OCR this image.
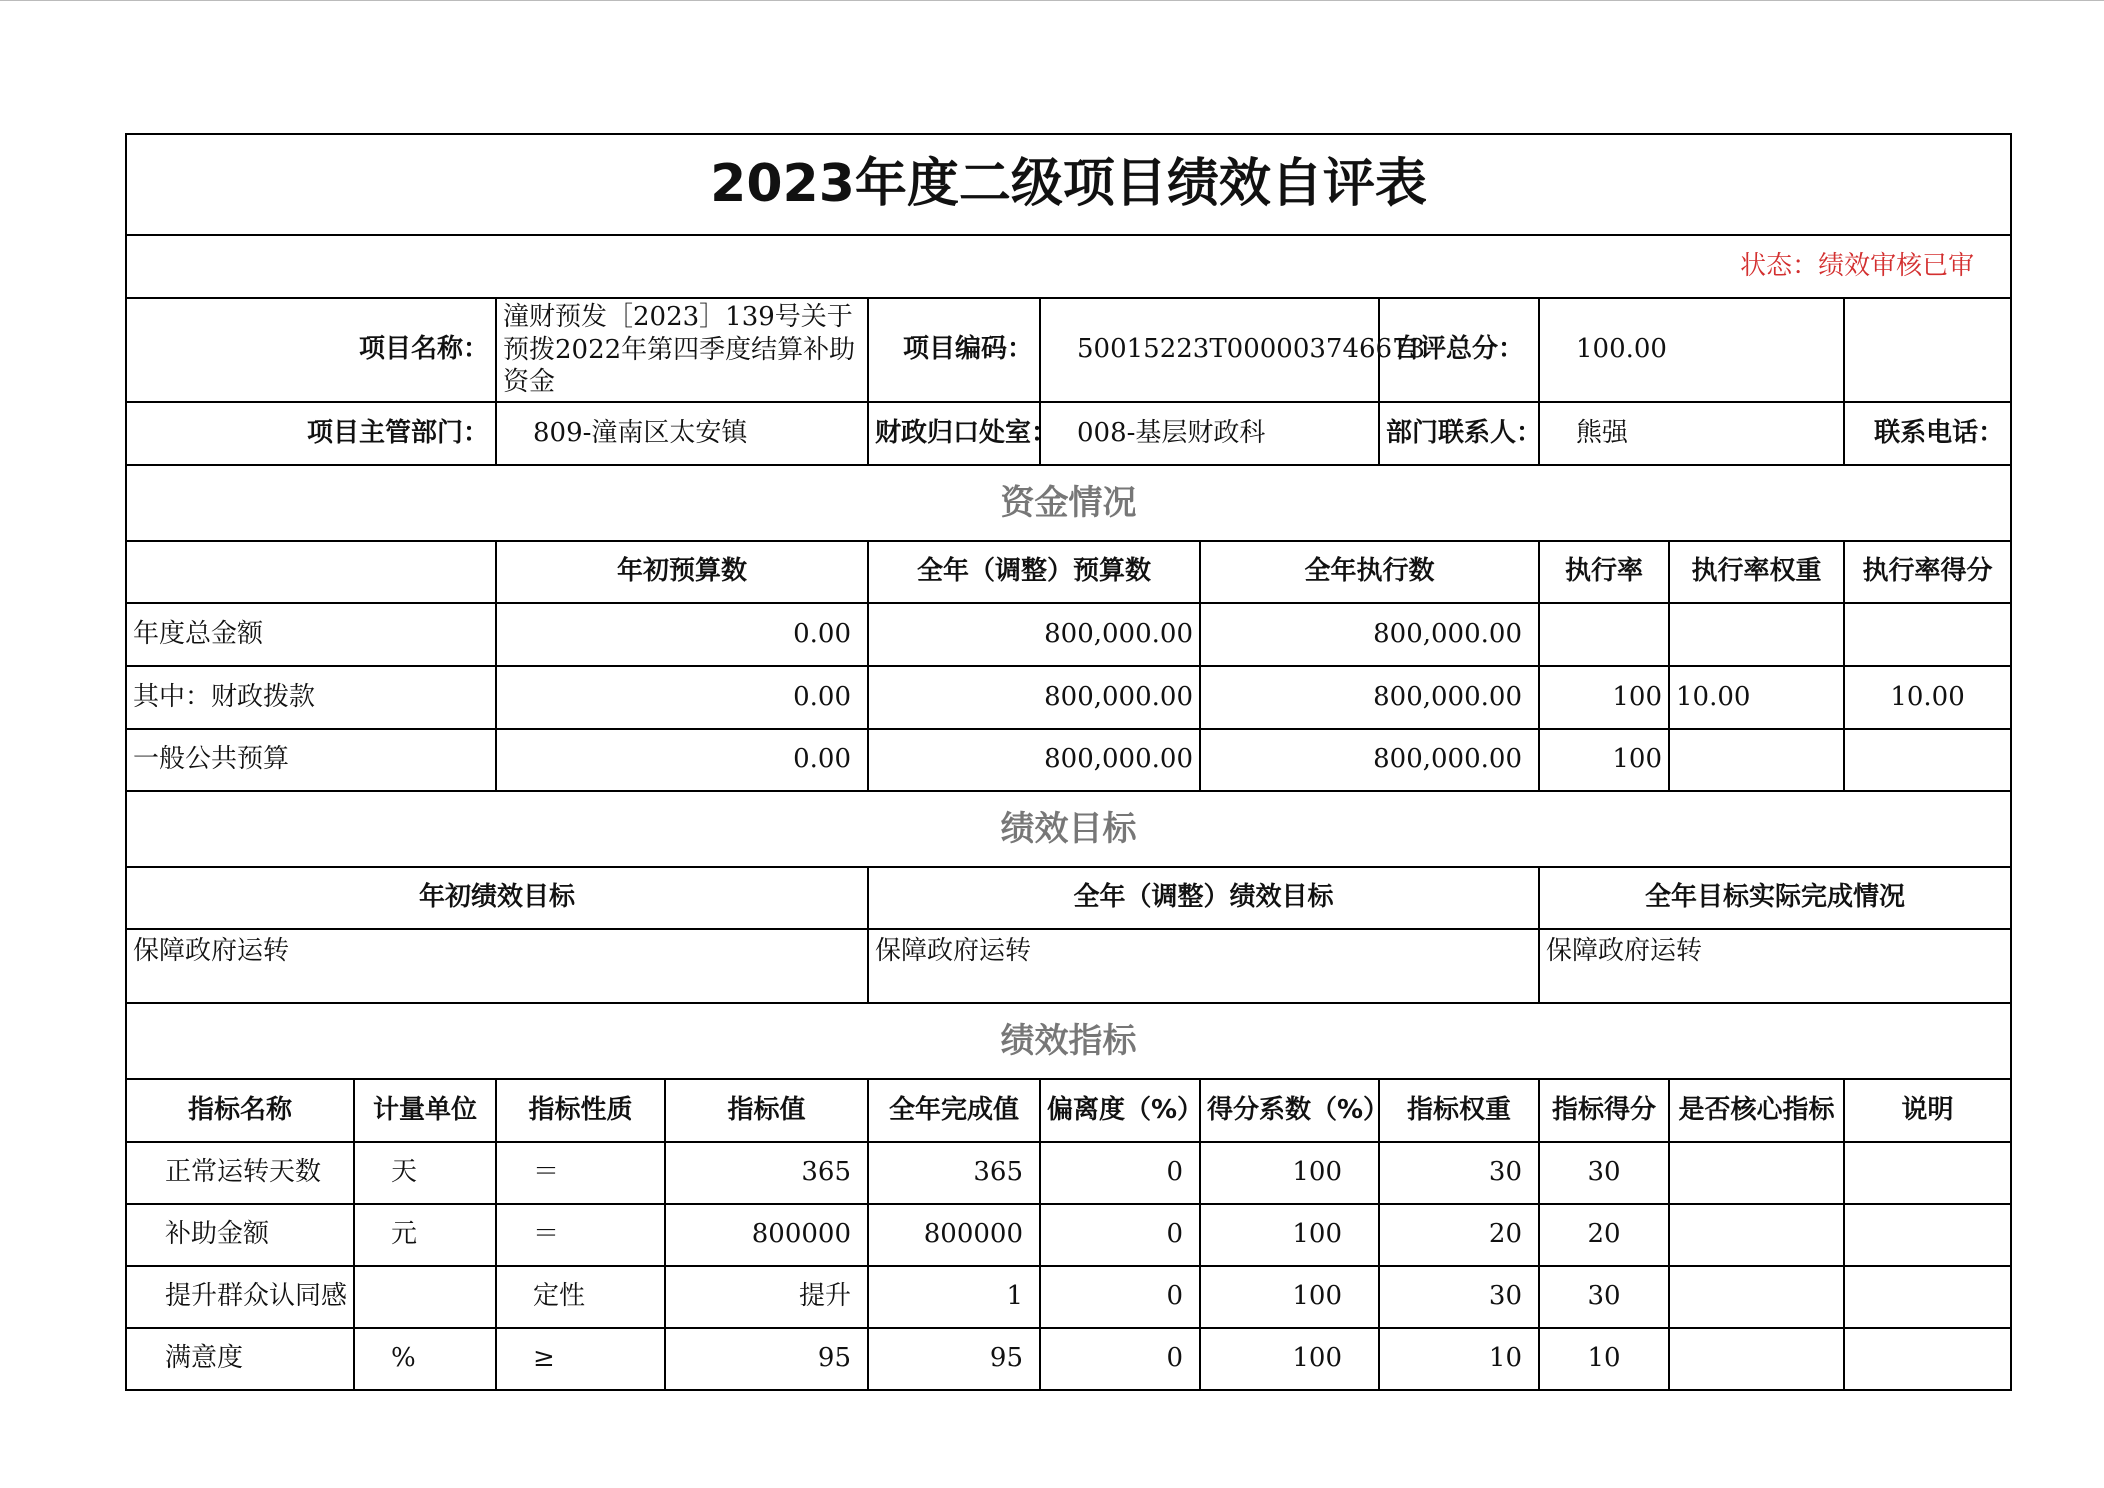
2023年度二级项目绩效自评表											
状态：绩效审核已审											
项目名称：		潼财预发［2023］139号关于预拨2022年第四季度结算补助资金		项目编码：	50015223T000003746673		自评总分：	100.00			
项目主管部门：		809-潼南区太安镇		财政归口处室：	008-基层财政科		部门联系人：	熊强		联系电话：	
资金情况											
		年初预算数		全年（调整）预算数		全年执行数		执行率	执行率权重	执行率得分	
年度总金额		0.00		800,000.00		800,000.00					
其中：财政拨款		0.00		800,000.00		800,000.00		100	10.00	10.00	
一般公共预算		0.00		800,000.00		800,000.00		100			
绩效目标											
年初绩效目标				全年（调整）绩效目标				全年目标实际完成情况			
保障政府运转				保障政府运转				保障政府运转			
绩效指标											
指标名称	计量单位	指标性质	指标值	全年完成值	偏离度（%）	得分系数（%）	指标权重	指标得分	是否核心指标	说明	
正常运转天数	天	＝	365	365	0	100	30	30			
补助金额	元	＝	800000	800000	0	100	20	20			
提升群众认同感		定性	提升	1	0	100	30	30			
满意度	%	≥	95	95	0	100	10	10			
